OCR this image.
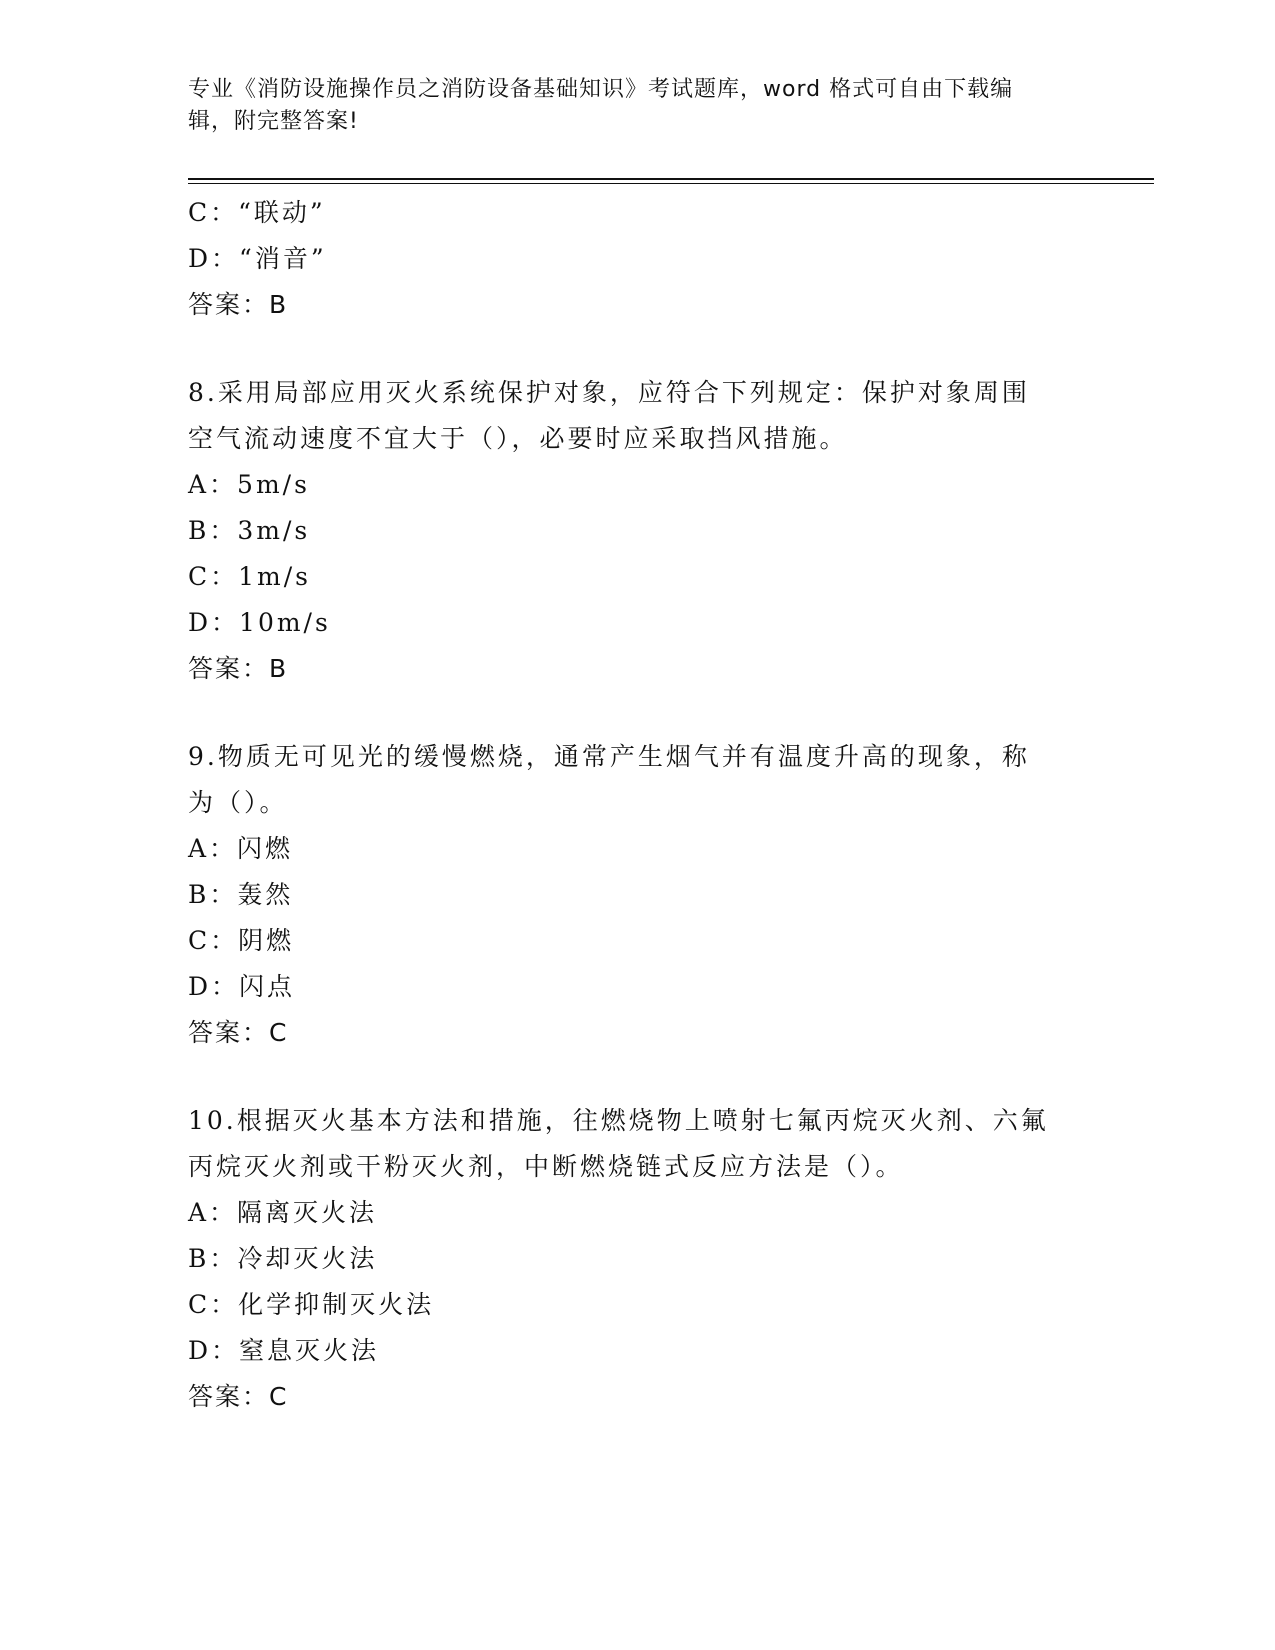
专业《消防设施操作员之消防设备基础知识》考试题库，word 格式可自由下载编
辑，附完整答案!
C：“联动”
D：“消音”
答案：B
8.采用局部应用灭火系统保护对象，应符合下列规定：保护对象周围
空气流动速度不宜大于（），必要时应采取挡风措施。
A：5m/s
B：3m/s
C：1m/s
D：10m/s
答案：B
9.物质无可见光的缓慢燃烧，通常产生烟气并有温度升高的现象，称
为（）。
A：闪燃
B：轰然
C：阴燃
D：闪点
答案：C
10.根据灭火基本方法和措施，往燃烧物上喷射七氟丙烷灭火剂、六氟
丙烷灭火剂或干粉灭火剂，中断燃烧链式反应方法是（）。
A：隔离灭火法
B：冷却灭火法
C：化学抑制灭火法
D：窒息灭火法
答案：C
